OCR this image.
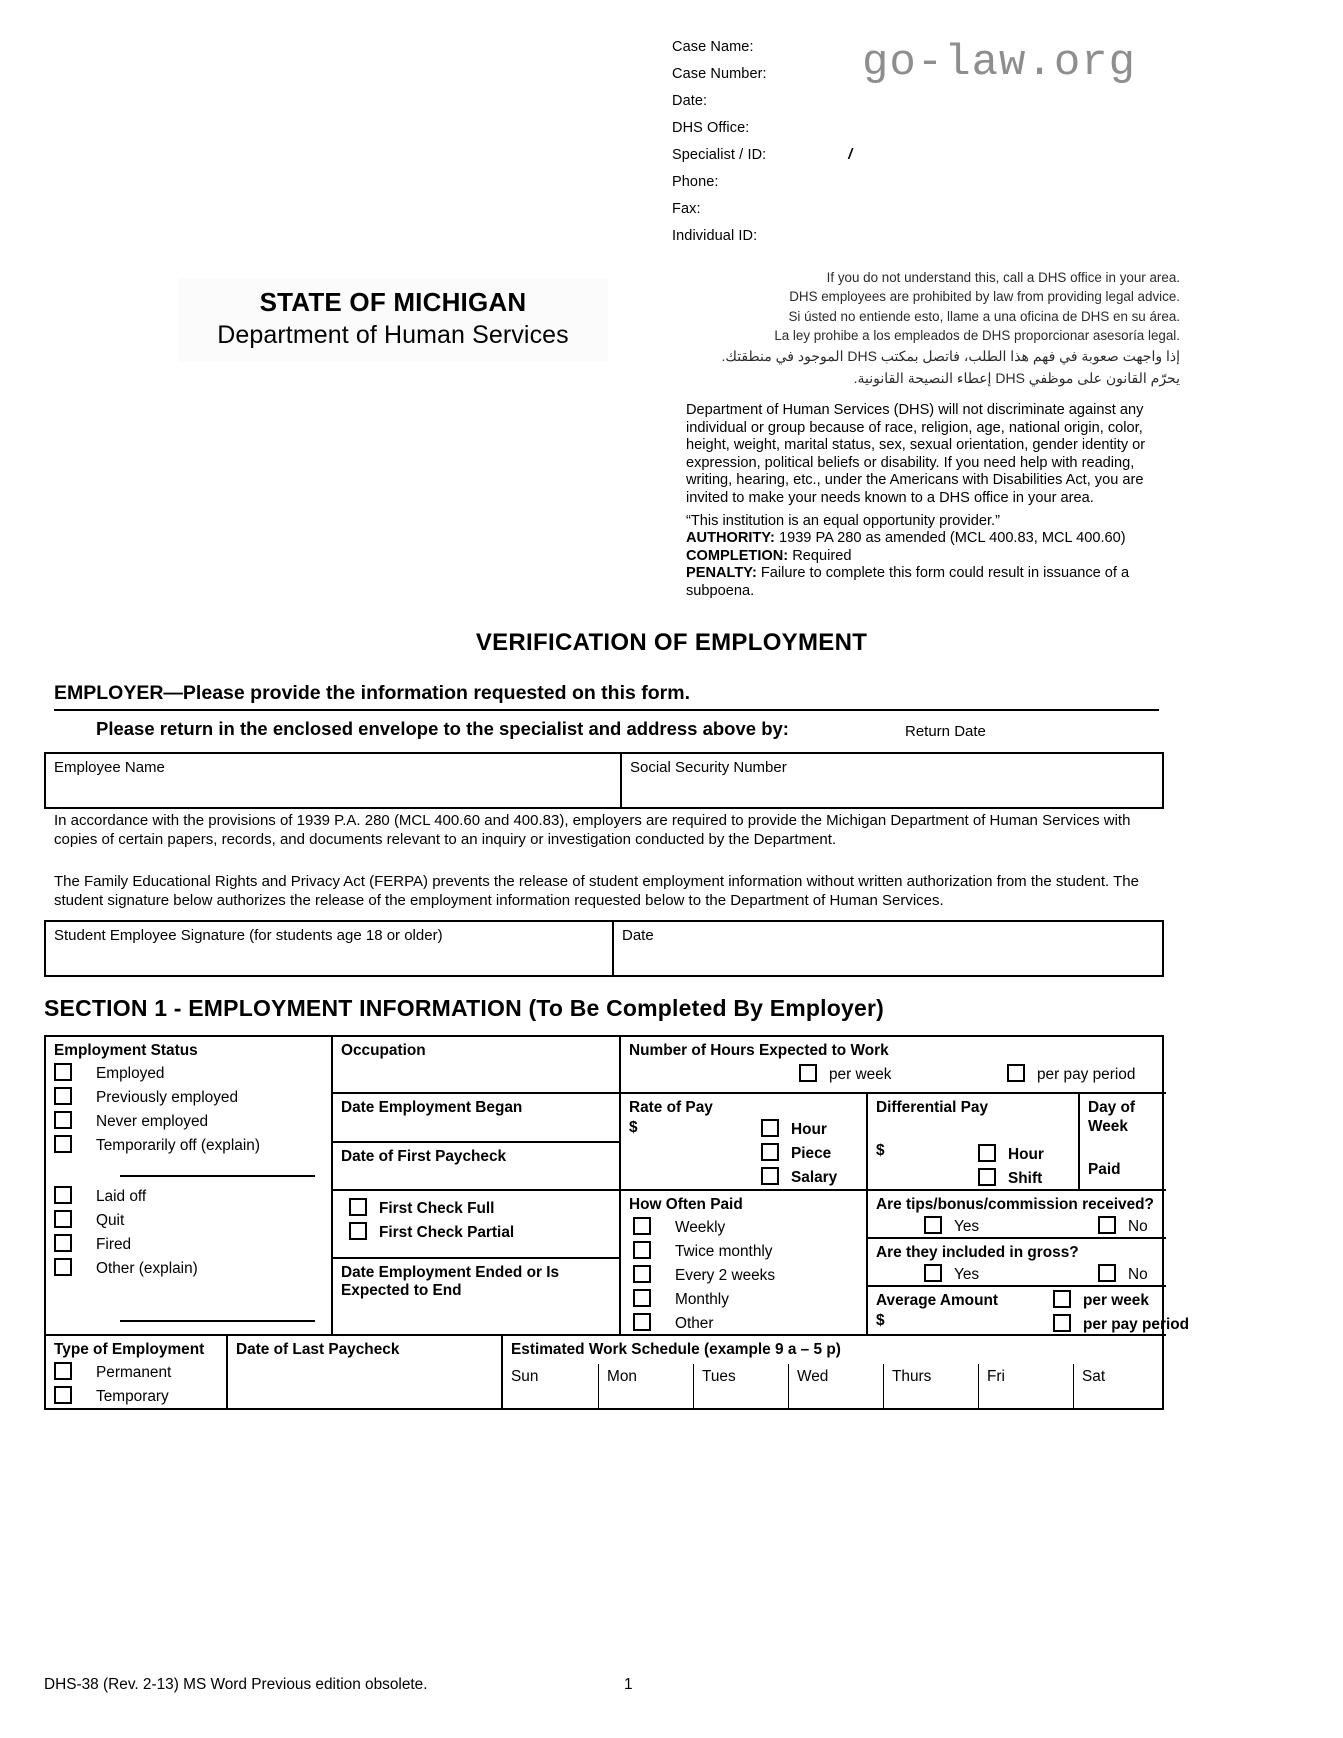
Case Name:
Case Number:
Date:
DHS Office:
Specialist / ID:	/
Phone:
Fax:
Individual ID:
go-law.org
STATE OF MICHIGAN
Department of Human Services
If you do not understand this, call a DHS office in your area.
DHS employees are prohibited by law from providing legal advice.
Si ústed no entiende esto, llame a una oficina de DHS en su área.
La ley prohibe a los empleados de DHS proporcionar asesoría legal.
إذا واجهت صعوبة في فهم هذا الطلب، فاتصل بمكتب DHS الموجود في منطقتك.
يحرّم القانون على موظفي DHS إعطاء النصيحة القانونية.

Department of Human Services (DHS) will not discriminate against any individual or group because of race, religion, age, national origin, color, height, weight, marital status, sex, sexual orientation, gender identity or expression, political beliefs or disability. If you need help with reading, writing, hearing, etc., under the Americans with Disabilities Act, you are invited to make your needs known to a DHS office in your area.

“This institution is an equal opportunity provider.”

AUTHORITY: 1939 PA 280 as amended (MCL 400.83, MCL 400.60)

COMPLETION: Required

PENALTY: Failure to complete this form could result in issuance of a subpoena.

VERIFICATION OF EMPLOYMENT
EMPLOYER—Please provide the information requested on this form.
Please return in the enclosed envelope to the specialist and address above by:	Return Date
Employee Name	Social Security Number
In accordance with the provisions of 1939 P.A. 280 (MCL 400.60 and 400.83), employers are required to provide the Michigan Department of Human Services with copies of certain papers, records, and documents relevant to an inquiry or investigation conducted by the Department.
The Family Educational Rights and Privacy Act (FERPA) prevents the release of student employment information without written authorization from the student. The student signature below authorizes the release of the employment information requested below to the Department of Human Services.
Student Employee Signature (for students age 18 or older)	Date
SECTION 1 - EMPLOYMENT INFORMATION (To Be Completed By Employer)
Employment Status
Employed
Previously employed
Never employed
Temporarily off (explain)
Laid off
Quit
Fired
Other (explain)
Occupation
Date Employment Began
Date of First Paycheck
First Check Full
First Check Partial
Date Employment Ended or Is
Expected to End
Number of Hours Expected to Work
per week	per pay period
Rate of Pay
$	Hour
Piece
Salary
Differential Pay
$	Hour
Shift
Day of
Week
Paid
How Often Paid
Weekly
Twice monthly
Every 2 weeks
Monthly
Other
Are tips/bonus/commission received?
Yes	No
Are they included in gross?
Yes	No
Average Amount
$
per week
per pay period
Type of Employment
Permanent
Temporary
Date of Last Paycheck	Estimated Work Schedule (example 9 a – 5 p)
Sun	Mon	Tues	Wed	Thurs	Fri	Sat
DHS-38 (Rev. 2-13) MS Word Previous edition obsolete.	1
